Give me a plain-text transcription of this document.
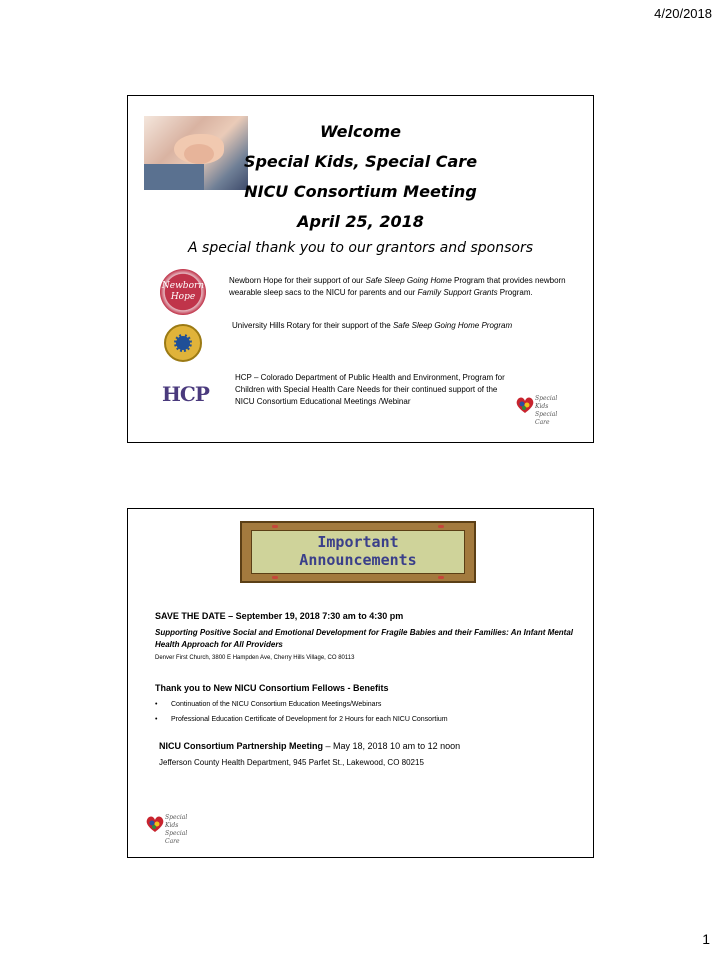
4/20/2018
Welcome
Special Kids, Special Care
NICU Consortium Meeting
April 25, 2018
A special thank you to our grantors and sponsors
Newborn Hope
Newborn Hope for their support of our Safe Sleep Going Home Program that provides newborn wearable sleep sacs to the NICU for parents and our Family Support Grants Program.
University Hills Rotary for their support of the Safe Sleep Going Home Program
HCP
HCP – Colorado Department of Public Health and Environment, Program for Children with Special Health Care Needs for their continued support of the NICU Consortium Educational Meetings /Webinar	Special
Kids
Special
Care
Important
Announcements
SAVE THE DATE – September 19, 2018 7:30 am to 4:30 pm
Supporting Positive Social and Emotional Development for Fragile Babies and their Families: An Infant Mental Health Approach for All Providers
Denver First Church, 3800 E Hampden Ave, Cherry Hills Village, CO 80113
Thank you to New NICU Consortium Fellows - Benefits
• Continuation of the NICU Consortium Education Meetings/Webinars
• Professional Education Certificate of Development for 2 Hours for each NICU Consortium
NICU Consortium Partnership Meeting – May 18, 2018 10 am to 12 noon
Jefferson County Health Department, 945 Parfet St., Lakewood, CO 80215
Special
Kids
Special
Care
1
